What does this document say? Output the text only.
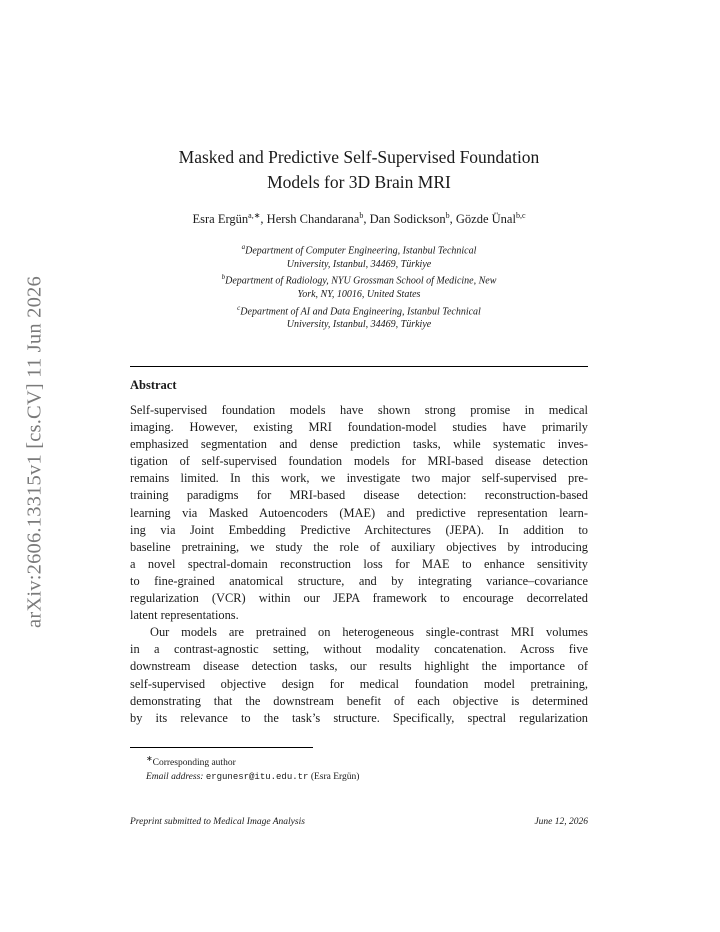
arXiv:2606.13315v1 [cs.CV] 11 Jun 2026
Masked and Predictive Self-Supervised Foundation
Models for 3D Brain MRI
Esra Ergün$^{a,∗}$, Hersh Chandarana$^b$, Dan Sodickson$^b$, Gözde Ünal$^{b,c}$
$^a$Department of Computer Engineering, Istanbul Technical
University, Istanbul, 34469, Türkiye
$^b$Department of Radiology, NYU Grossman School of Medicine, New
York, NY, 10016, United States
$^c$Department of AI and Data Engineering, Istanbul Technical
University, Istanbul, 34469, Türkiye
Abstract
Self-supervised foundation models have shown strong promise in medical
imaging. However, existing MRI foundation-model studies have primarily
emphasized segmentation and dense prediction tasks, while systematic inves-
tigation of self-supervised foundation models for MRI-based disease detection
remains limited. In this work, we investigate two major self-supervised pre-
training paradigms for MRI-based disease detection: reconstruction-based
learning via Masked Autoencoders (MAE) and predictive representation learn-
ing via Joint Embedding Predictive Architectures (JEPA). In addition to
baseline pretraining, we study the role of auxiliary objectives by introducing
a novel spectral-domain reconstruction loss for MAE to enhance sensitivity
to fine-grained anatomical structure, and by integrating variance–covariance
regularization (VCR) within our JEPA framework to encourage decorrelated
latent representations.
Our models are pretrained on heterogeneous single-contrast MRI volumes
in a contrast-agnostic setting, without modality concatenation. Across five
downstream disease detection tasks, our results highlight the importance of
self-supervised objective design for medical foundation model pretraining,
demonstrating that the downstream benefit of each objective is determined
by its relevance to the task’s structure. Specifically, spectral regularization
∗Corresponding author
Email address: ergunesr@itu.edu.tr (Esra Ergün)
Preprint submitted to Medical Image Analysis	June 12, 2026
